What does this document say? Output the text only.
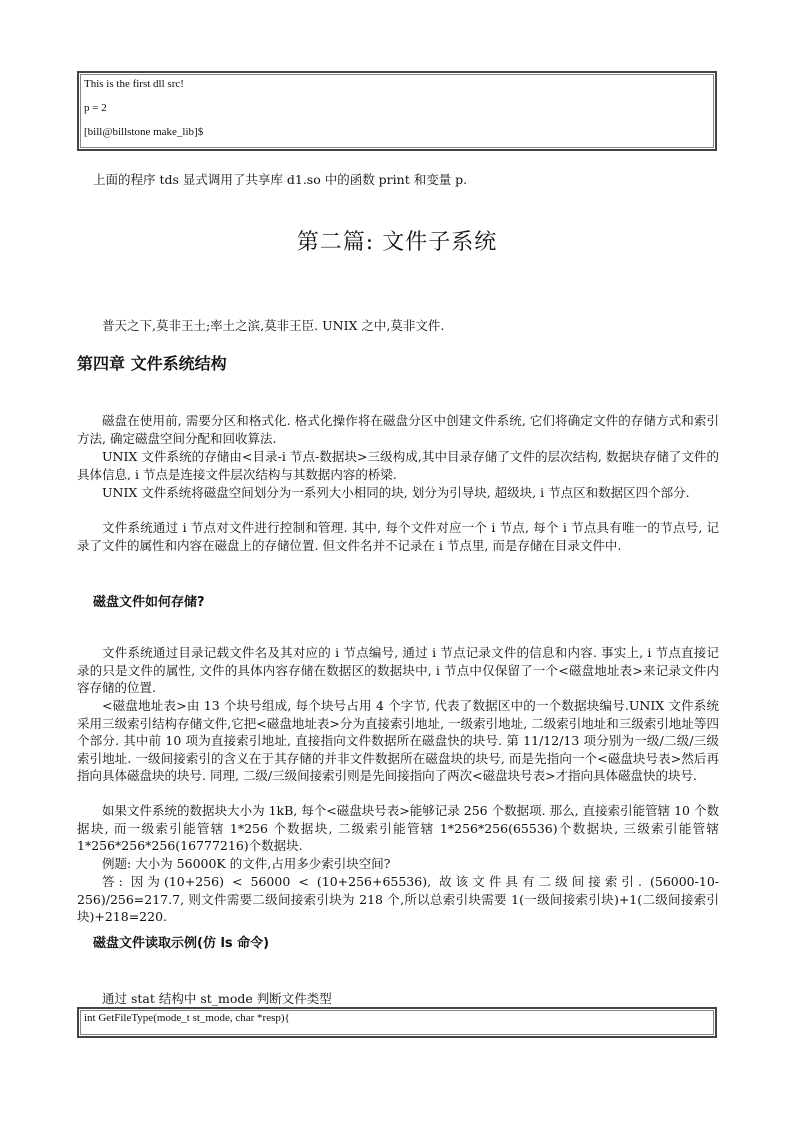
This is the first dll src!

p = 2

[bill@billstone make_lib]$

上面的程序 tds 显式调用了共享库 d1.so 中的函数 print 和变量 p.
第二篇: 文件子系统
普天之下,莫非王土;率土之滨,莫非王臣. UNIX 之中,莫非文件.
第四章 文件系统结构

磁盘在使用前, 需要分区和格式化. 格式化操作将在磁盘分区中创建文件系统, 它们将确定文件的存储方式和索引方法, 确定磁盘空间分配和回收算法.

UNIX 文件系统的存储由<目录-i 节点-数据块>三级构成,其中目录存储了文件的层次结构, 数据块存储了文件的具体信息, i 节点是连接文件层次结构与其数据内容的桥梁.

UNIX 文件系统将磁盘空间划分为一系列大小相同的块, 划分为引导块, 超级块, i 节点区和数据区四个部分.

文件系统通过 i 节点对文件进行控制和管理. 其中, 每个文件对应一个 i 节点, 每个 i 节点具有唯一的节点号, 记录了文件的属性和内容在磁盘上的存储位置. 但文件名并不记录在 i 节点里, 而是存储在目录文件中.

磁盘文件如何存储?

文件系统通过目录记载文件名及其对应的 i 节点编号, 通过 i 节点记录文件的信息和内容. 事实上, i 节点直接记录的只是文件的属性, 文件的具体内容存储在数据区的数据块中, i 节点中仅保留了一个<磁盘地址表>来记录文件内容存储的位置.

<磁盘地址表>由 13 个块号组成, 每个块号占用 4 个字节, 代表了数据区中的一个数据块编号.UNIX 文件系统采用三级索引结构存储文件,它把<磁盘地址表>分为直接索引地址, 一级索引地址, 二级索引地址和三级索引地址等四个部分. 其中前 10 项为直接索引地址, 直接指向文件数据所在磁盘快的块号. 第 11/12/13 项分别为一级/二级/三级索引地址. 一级间接索引的含义在于其存储的并非文件数据所在磁盘块的块号, 而是先指向一个<磁盘块号表>然后再指向具体磁盘块的块号. 同理, 二级/三级间接索引则是先间接指向了两次<磁盘块号表>才指向具体磁盘快的块号.

如果文件系统的数据块大小为 1kB, 每个<磁盘块号表>能够记录 256 个数据项. 那么, 直接索引能管辖 10 个数据块, 而一级索引能管辖 1*256 个数据块, 二级索引能管辖 1*256*256(65536)个数据块, 三级索引能管辖 1*256*256*256(16777216)个数据块.

例题: 大小为 56000K 的文件,占用多少索引块空间?

答: 因为(10+256) < 56000 < (10+256+65536), 故该文件具有二级间接索引. (56000-10-256)/256=217.7, 则文件需要二级间接索引块为 218 个,所以总索引块需要 1(一级间接索引块)+1(二级间接索引块)+218=220.

磁盘文件读取示例(仿 ls 命令)
通过 stat 结构中 st_mode 判断文件类型

int GetFileType(mode_t st_mode, char *resp){
